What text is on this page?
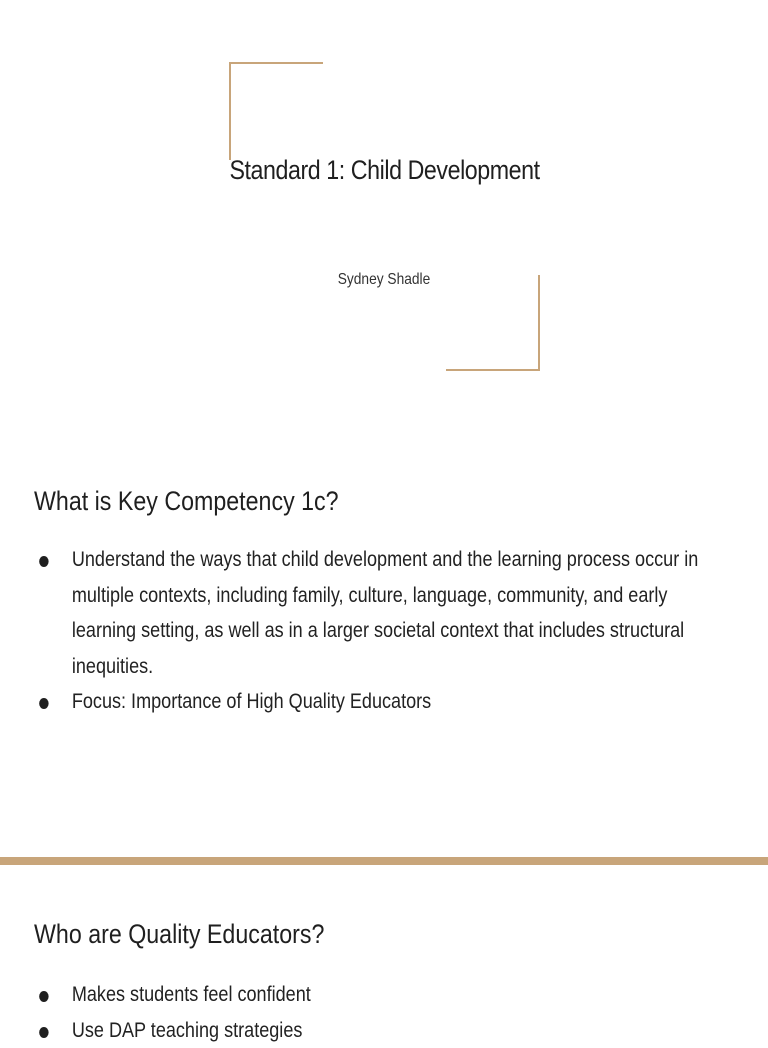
Standard 1: Child Development
Sydney Shadle
What is Key Competency 1c?
Understand the ways that child development and the learning process occur in multiple contexts, including family, culture, language, community, and early learning setting, as well as in a larger societal context that includes structural inequities.
Focus: Importance of High Quality Educators
Who are Quality Educators?
Makes students feel confident
Use DAP teaching strategies
